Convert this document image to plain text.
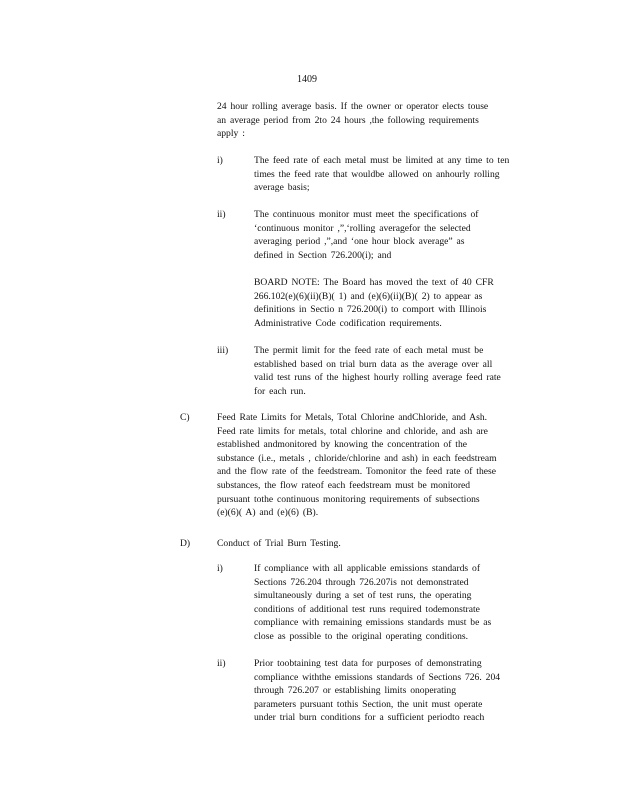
1409
24 hour rolling average basis. If the owner or operator elects touse
an average period from 2to 24 hours ,the following requirements
apply :
i)	The feed rate of each metal must be limited at any time to ten
times the feed rate that wouldbe allowed on anhourly rolling
average basis;
ii)	The continuous monitor must meet the specifications of
‘continuous monitor ,”,‘rolling averagefor the selected
averaging period ,”,and ‘one hour block average” as
defined in Section 726.200(i); and
BOARD NOTE: The Board has moved the text of 40 CFR
266.102(e)(6)(ii)(B)( 1) and (e)(6)(ii)(B)( 2) to appear as
definitions in Sectio n 726.200(i) to comport with Illinois
Administrative Code codification requirements.
iii)	The permit limit for the feed rate of each metal must be
established based on trial burn data as the average over all
valid test runs of the highest hourly rolling average feed rate
for each run.
C)	Feed Rate Limits for Metals, Total Chlorine andChloride, and Ash.
Feed rate limits for metals, total chlorine and chloride, and ash are
established andmonitored by knowing the concentration of the
substance (i.e., metals , chloride/chlorine and ash) in each feedstream
and the flow rate of the feedstream. Tomonitor the feed rate of these
substances, the flow rateof each feedstream must be monitored
pursuant tothe continuous monitoring requirements of subsections
(e)(6)( A) and (e)(6) (B).
D)	Conduct of Trial Burn Testing.
i)	If compliance with all applicable emissions standards of
Sections 726.204 through 726.207is not demonstrated
simultaneously during a set of test runs, the operating
conditions of additional test runs required todemonstrate
compliance with remaining emissions standards must be as
close as possible to the original operating conditions.
ii)	Prior toobtaining test data for purposes of demonstrating
compliance withthe emissions standards of Sections 726. 204
through 726.207 or establishing limits onoperating
parameters pursuant tothis Section, the unit must operate
under trial burn conditions for a sufficient periodto reach
